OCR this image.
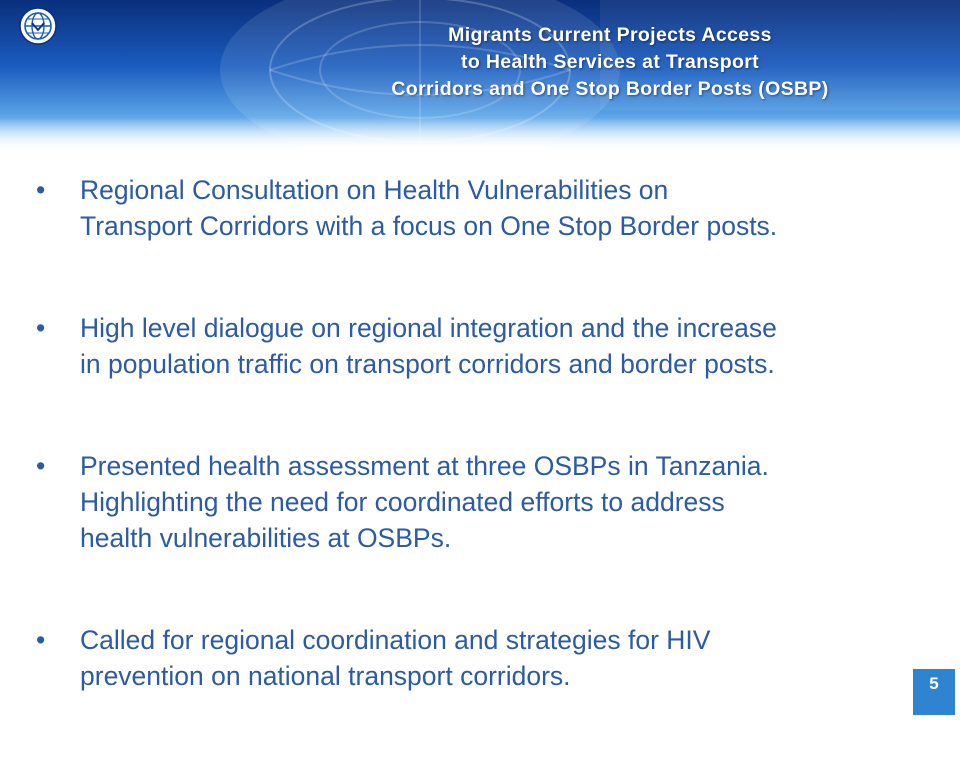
Migrants Current Projects Access
to Health Services at Transport
Corridors and One Stop Border Posts (OSBP)
• Regional Consultation on Health Vulnerabilities on
Transport Corridors with a focus on One Stop Border posts.
• High level dialogue on regional integration and the increase
in population traffic on transport corridors and border posts.
• Presented health assessment at three OSBPs in Tanzania.
Highlighting the need for coordinated efforts to address
health vulnerabilities at OSBPs.
• Called for regional coordination and strategies for HIV
prevention on national transport corridors.	5
